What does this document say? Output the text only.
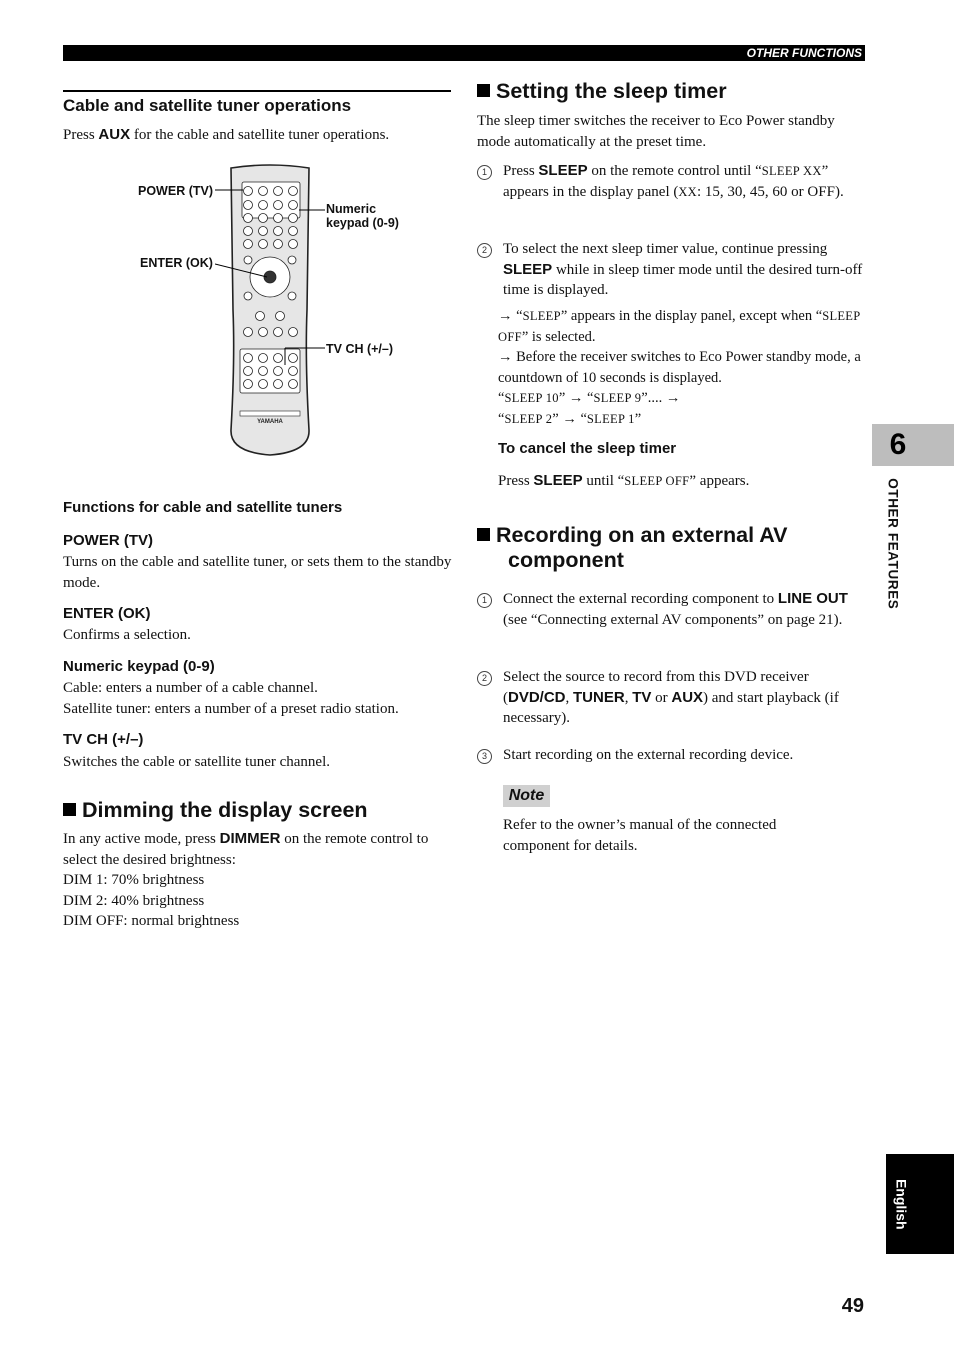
OTHER FUNCTIONS
6
OTHER FEATURES
English
49
Cable and satellite tuner operations
Press AUX for the cable and satellite tuner operations.
POWER (TV)
ENTER (OK)
Numeric
keypad (0-9)
TV CH (+/–)
YAMAHA
Functions for cable and satellite tuners
POWER (TV)
Turns on the cable and satellite tuner, or sets them to the standby mode.
ENTER (OK)
Confirms a selection.
Numeric keypad (0-9)
Cable: enters a number of a cable channel.
Satellite tuner: enters a number of a preset radio station.
TV CH (+/–)
Switches the cable or satellite tuner channel.
Dimming the display screen
In any active mode, press DIMMER on the remote control to select the desired brightness:
DIM 1: 70% brightness
DIM 2: 40% brightness
DIM OFF: normal brightness
Setting the sleep timer
The sleep timer switches the receiver to Eco Power standby mode automatically at the preset time.
1	Press SLEEP on the remote control until “SLEEP XX” appears in the display panel (XX: 15, 30, 45, 60 or OFF).
2	To select the next sleep timer value, continue pressing SLEEP while in sleep timer mode until the desired turn-off time is displayed.
→ “SLEEP” appears in the display panel, except when “SLEEP OFF” is selected.
→ Before the receiver switches to Eco Power standby mode, a countdown of 10 seconds is displayed.
“SLEEP 10” → “SLEEP 9”.... →
“SLEEP 2” → “SLEEP 1”
To cancel the sleep timer
Press SLEEP until “SLEEP OFF” appears.
Recording on an external AV
component
1	Connect the external recording component to LINE OUT (see “Connecting external AV components” on page 21).
2	Select the source to record from this DVD receiver (DVD/CD, TUNER, TV or AUX) and start playback (if necessary).
3	Start recording on the external recording device.
Note
Refer to the owner’s manual of the connected component for details.
